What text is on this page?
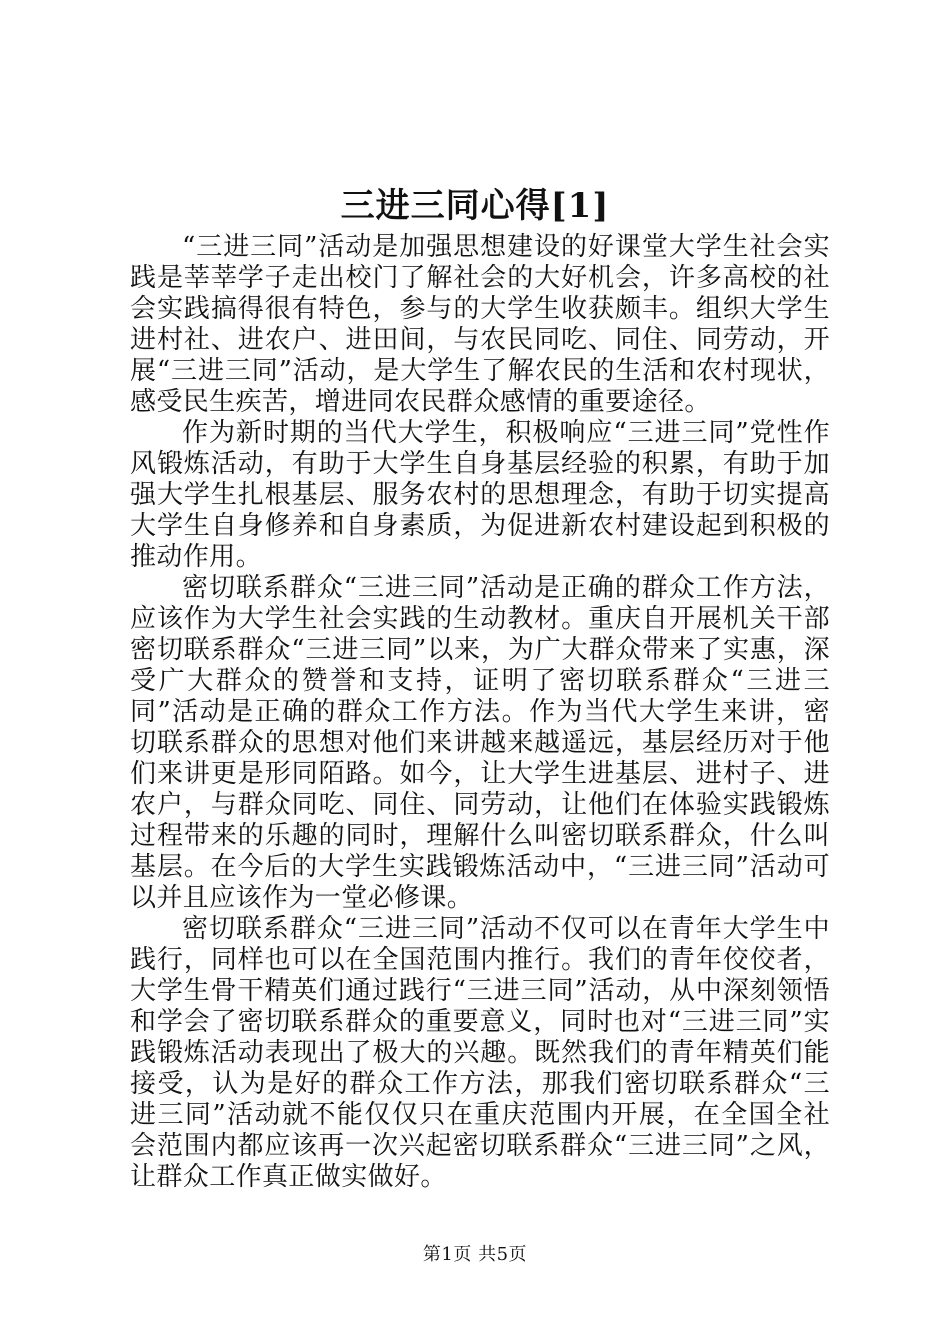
三进三同心得[1]

“三进三同”活动是加强思想建设的好课堂大学生社会实践是莘莘学子走出校门了解社会的大好机会，许多高校的社会实践搞得很有特色，参与的大学生收获颇丰。组织大学生进村社、进农户、进田间，与农民同吃、同住、同劳动，开展“三进三同”活动，是大学生了解农民的生活和农村现状，感受民生疾苦，增进同农民群众感情的重要途径。

作为新时期的当代大学生，积极响应“三进三同”党性作风锻炼活动，有助于大学生自身基层经验的积累，有助于加强大学生扎根基层、服务农村的思想理念，有助于切实提高大学生自身修养和自身素质，为促进新农村建设起到积极的推动作用。

密切联系群众“三进三同”活动是正确的群众工作方法，应该作为大学生社会实践的生动教材。重庆自开展机关干部密切联系群众“三进三同”以来，为广大群众带来了实惠，深受广大群众的赞誉和支持，证明了密切联系群众“三进三同”活动是正确的群众工作方法。作为当代大学生来讲，密切联系群众的思想对他们来讲越来越遥远，基层经历对于他们来讲更是形同陌路。如今，让大学生进基层、进村子、进农户，与群众同吃、同住、同劳动，让他们在体验实践锻炼过程带来的乐趣的同时，理解什么叫密切联系群众，什么叫基层。在今后的大学生实践锻炼活动中，“三进三同”活动可以并且应该作为一堂必修课。

密切联系群众“三进三同”活动不仅可以在青年大学生中践行，同样也可以在全国范围内推行。我们的青年佼佼者，大学生骨干精英们通过践行“三进三同”活动，从中深刻领悟和学会了密切联系群众的重要意义，同时也对“三进三同”实践锻炼活动表现出了极大的兴趣。既然我们的青年精英们能接受，认为是好的群众工作方法，那我们密切联系群众“三进三同”活动就不能仅仅只在重庆范围内开展，在全国全社会范围内都应该再一次兴起密切联系群众“三进三同”之风，让群众工作真正做实做好。

第1页 共5页
